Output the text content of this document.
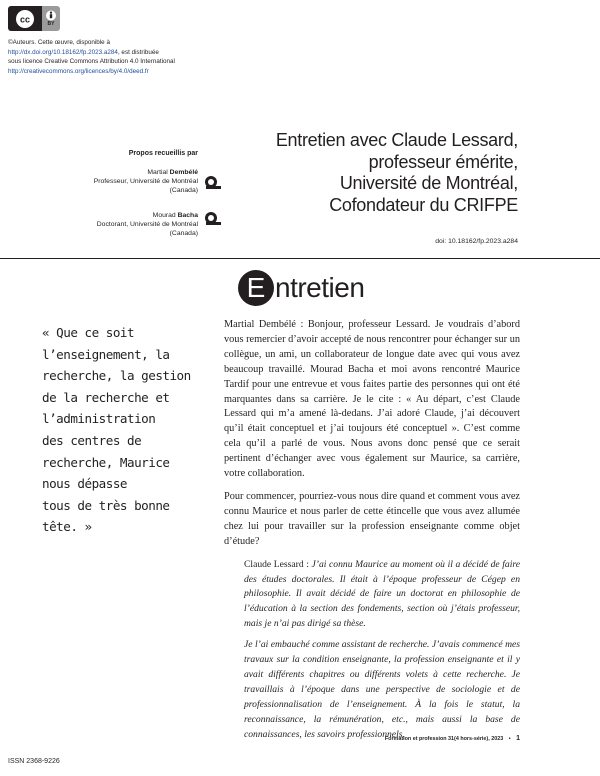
cc	BY
©Auteurs. Cette œuvre, disponible à
http://dx.doi.org/10.18162/fp.2023.a284, est distribuée
sous licence Creative Commons Attribution 4.0 International
http://creativecommons.org/licences/by/4.0/deed.fr
Entretien avec Claude Lessard,
professeur émérite,
Université de Montréal,
Cofondateur du CRIFPE
doi: 10.18162/fp.2023.a284
Propos recueillis par
Martial Dembélé
Professeur, Université de Montréal
(Canada)
Mourad Bacha
Doctorant, Université de Montréal
(Canada)
E ntretien

« Que ce soit

l’enseignement, la

recherche, la gestion

de la recherche et

l’administration

des centres de

recherche, Maurice

nous dépasse

tous de très bonne

tête. »

Martial Dembélé : Bonjour, professeur Lessard. Je voudrais d’abord vous remercier d’avoir accepté de nous rencontrer pour échanger sur un collègue, un ami, un collaborateur de longue date avec qui vous avez beaucoup travaillé. Mourad Bacha et moi avons rencontré Maurice Tardif pour une entrevue et vous faites partie des personnes qui ont été marquantes dans sa carrière. Je le cite : « Au départ, c’est Claude Lessard qui m’a amené là-dedans. J’ai adoré Claude, j’ai découvert qu’il était conceptuel et j’ai toujours été conceptuel ». C’est comme cela qu’il a parlé de vous. Nous avons donc pensé que ce serait pertinent d’échanger avec vous également sur Maurice, sa carrière, votre collaboration.

Pour commencer, pourriez-vous nous dire quand et comment vous avez connu Maurice et nous parler de cette étincelle que vous avez allumée chez lui pour travailler sur la profession enseignante comme objet d’étude?

Claude Lessard : J’ai connu Maurice au moment où il a décidé de faire des études doctorales. Il était à l’époque professeur de Cégep en philosophie. Il avait décidé de faire un doctorat en philosophie de l’éducation à la section des fondements, section où j’étais professeur, mais je n’ai pas dirigé sa thèse.

Je l’ai embauché comme assistant de recherche. J’avais commencé mes travaux sur la condition enseignante, la profession enseignante et il y avait différents chapitres ou différents volets à cette recherche. Je travaillais à l’époque dans une perspective de sociologie et de professionnalisation de l’enseignement. À la fois le statut, la reconnaissance, la rémunération, etc., mais aussi la base de connaissances, les savoirs professionnels,

Formation et profession 31(4 hors-série), 2023 • 1
ISSN 2368-9226
